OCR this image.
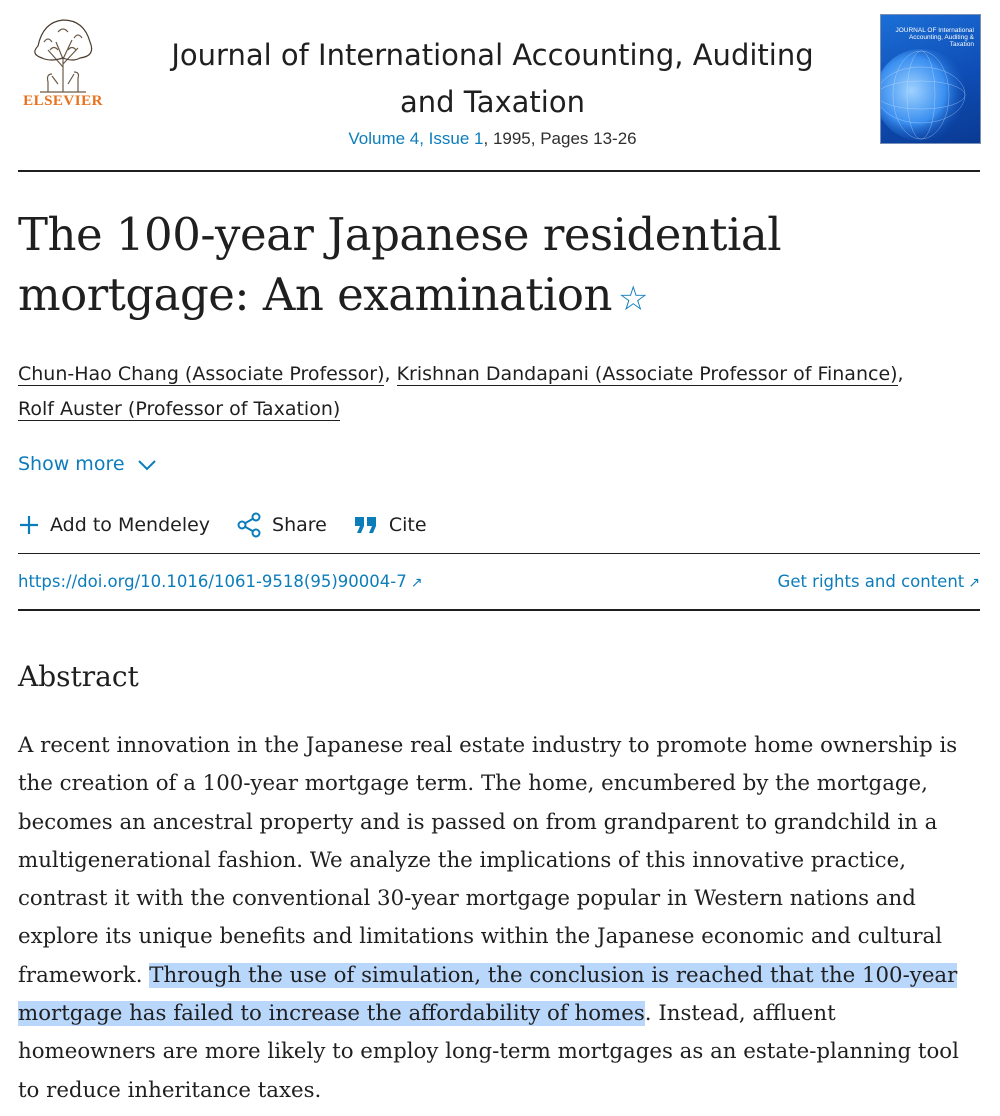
ELSEVIER
Journal of International Accounting, Auditing and Taxation
Volume 4, Issue 1, 1995, Pages 13-26
JOURNAL OF International Accounting, Auditing & Taxation
The 100-year Japanese residential mortgage: An examination ☆
Chun-Hao Chang (Associate Professor), Krishnan Dandapani (Associate Professor of Finance),
Rolf Auster (Professor of Taxation)
Show more
Add to Mendeley	Share	Cite
https://doi.org/10.1016/1061-9518(95)90004-7 ↗	Get rights and content ↗
Abstract
A recent innovation in the Japanese real estate industry to promote home ownership is the creation of a 100-year mortgage term. The home, encumbered by the mortgage, becomes an ancestral property and is passed on from grandparent to grandchild in a multigenerational fashion. We analyze the implications of this innovative practice, contrast it with the conventional 30-year mortgage popular in Western nations and explore its unique benefits and limitations within the Japanese economic and cultural framework. Through the use of simulation, the conclusion is reached that the 100-year mortgage has failed to increase the affordability of homes. Instead, affluent homeowners are more likely to employ long-term mortgages as an estate-planning tool to reduce inheritance taxes.
